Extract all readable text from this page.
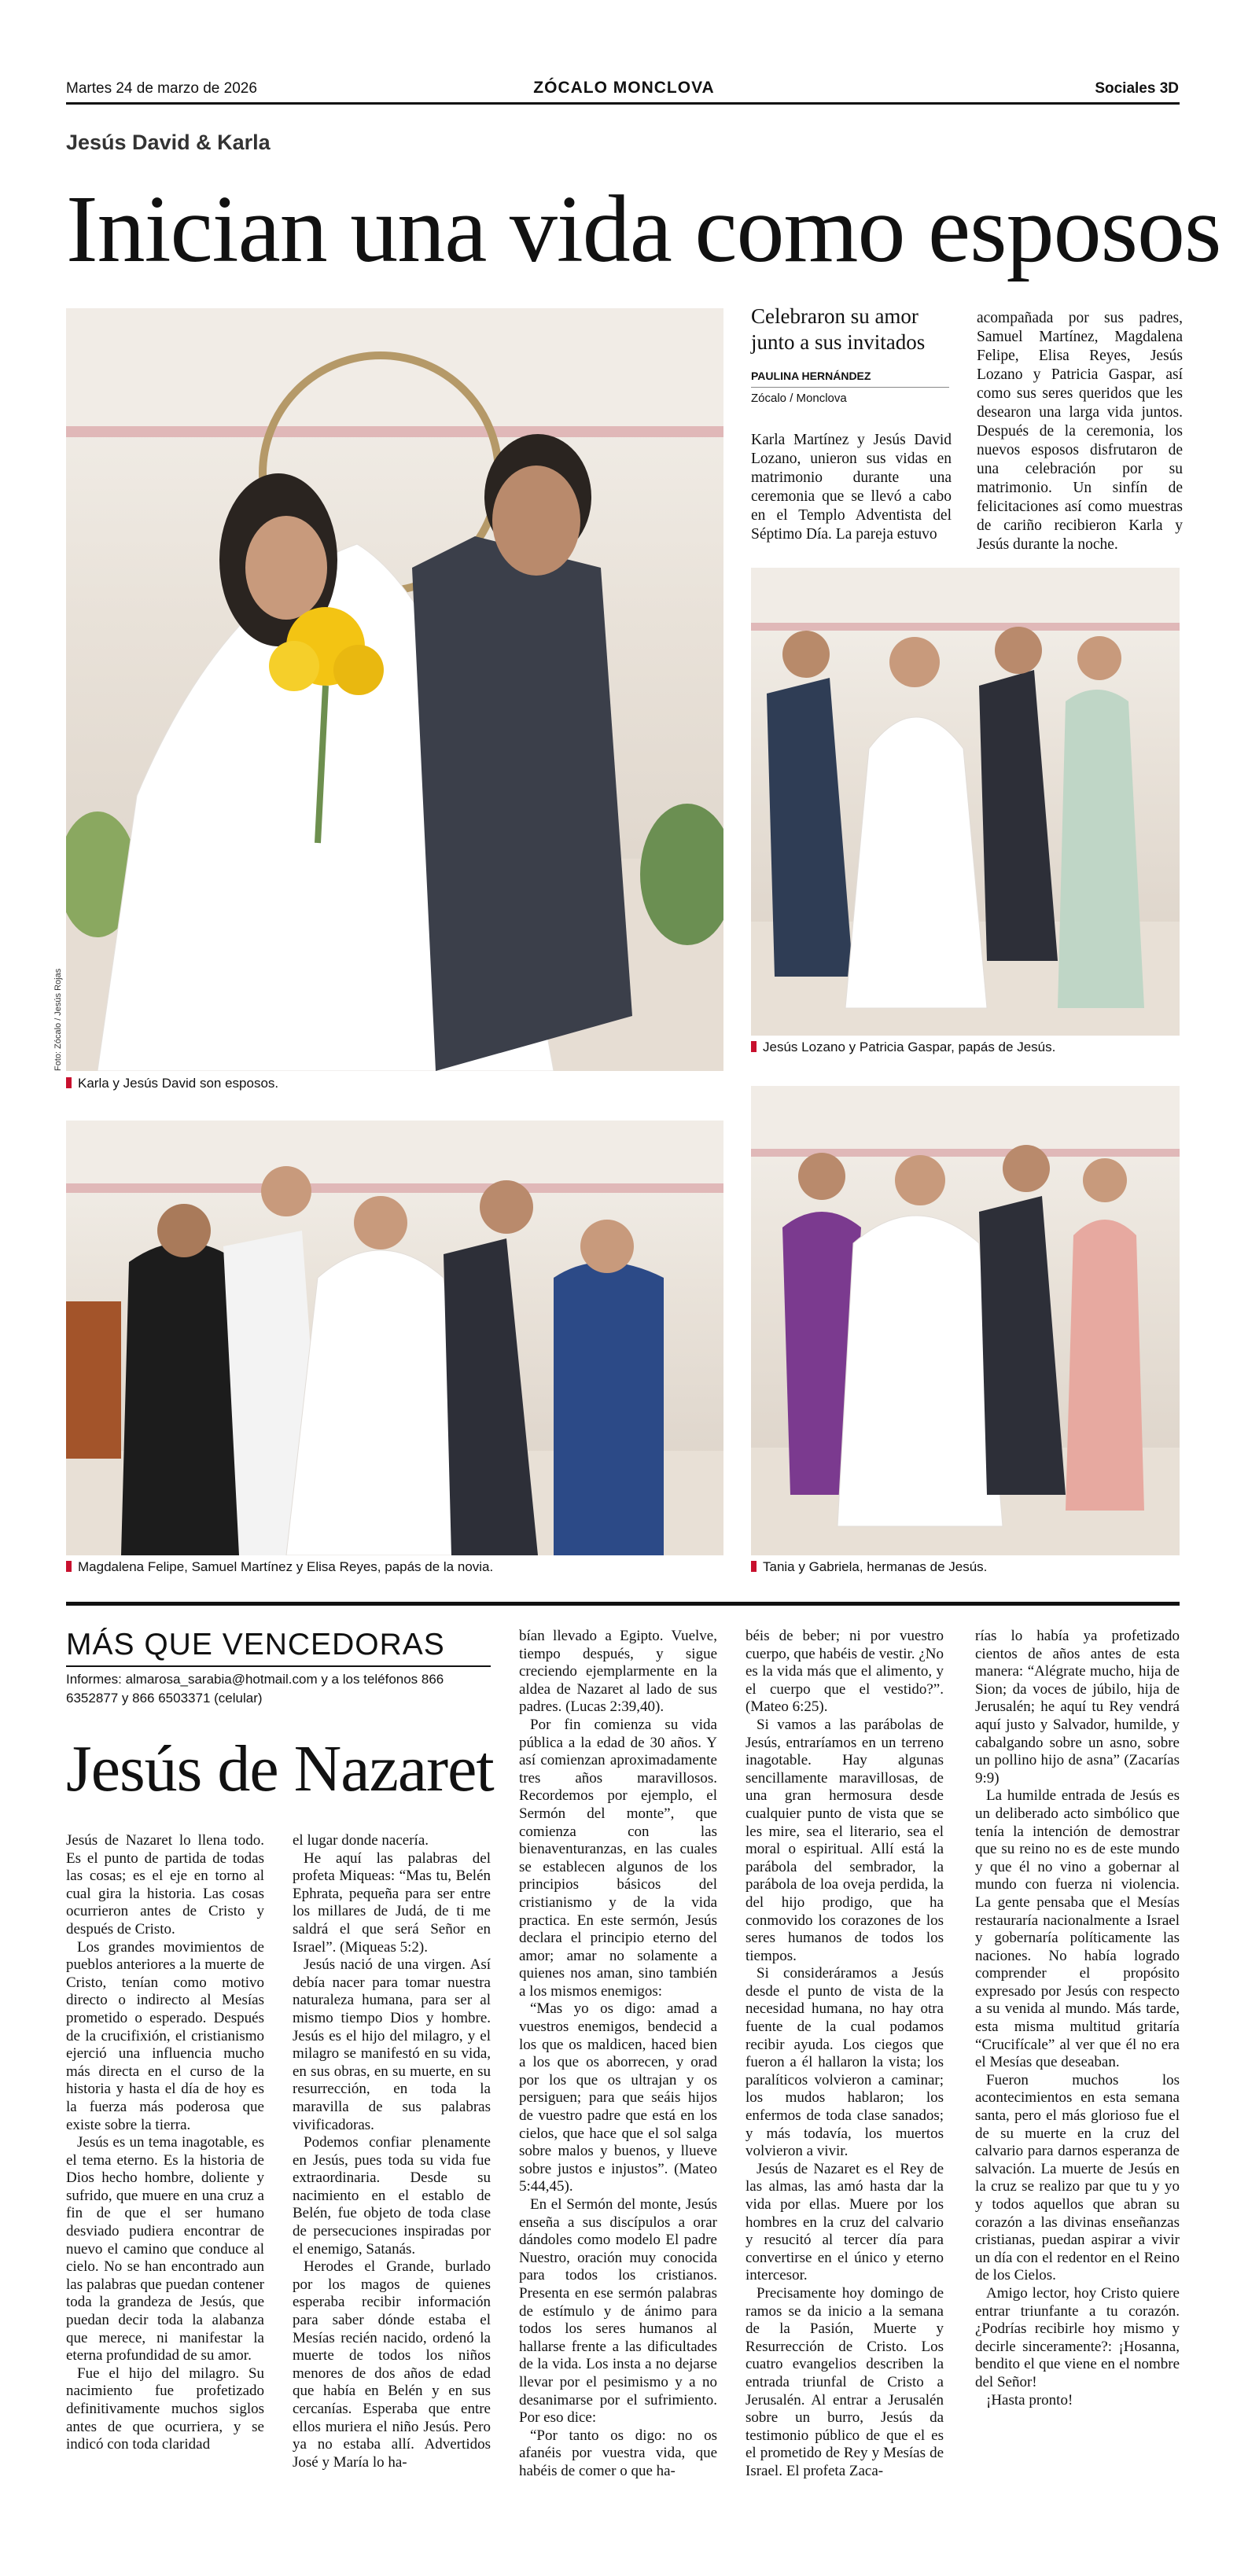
Martes 24 de marzo de 2026	ZÓCALO MONCLOVA	Sociales 3D
Jesús David & Karla
Inician una vida como esposos
Foto: Zócalo / Jesús Rojas
Karla y Jesús David son esposos.
Celebraron su amor junto a sus invitados
PAULINA HERNÁNDEZ
Zócalo / Monclova
Karla Martínez y Jesús David Lozano, unieron sus vidas en matrimonio durante una ceremonia que se llevó a cabo en el Templo Adventista del Séptimo Día. La pareja estuvo
acompañada por sus padres, Samuel Martínez, Magdalena Felipe, Elisa Reyes, Jesús Lozano y Patricia Gaspar, así como sus seres queridos que les desearon una larga vida juntos. Después de la ceremonia, los nuevos esposos disfrutaron de una celebración por su matrimonio. Un sinfín de felicitaciones así como muestras de cariño recibieron Karla y Jesús durante la noche.
Jesús Lozano y Patricia Gaspar, papás de Jesús.
Magdalena Felipe, Samuel Martínez y Elisa Reyes, papás de la novia.	Tania y Gabriela, hermanas de Jesús.
MÁS QUE VENCEDORAS
Informes: almarosa_sarabia@hotmail.com y a los teléfonos 866 6352877 y 866 6503371 (celular)
Jesús de Nazaret

Jesús de Nazaret lo llena todo. Es el punto de partida de todas las cosas; es el eje en torno al cual gira la historia. Las cosas ocurrieron antes de Cristo y después de Cristo.

Los grandes movimientos de pueblos anteriores a la muerte de Cristo, tenían como motivo directo o indirecto al Mesías prometido o esperado. Después de la crucifixión, el cristianismo ejerció una influencia mucho más directa en el curso de la historia y hasta el día de hoy es la fuerza más poderosa que existe sobre la tierra.

Jesús es un tema inagotable, es el tema eterno. Es la historia de Dios hecho hombre, doliente y sufrido, que muere en una cruz a fin de que el ser humano desviado pudiera encontrar de nuevo el camino que conduce al cielo. No se han encontrado aun las palabras que puedan contener toda la grandeza de Jesús, que puedan decir toda la alabanza que merece, ni manifestar la eterna profundidad de su amor.

Fue el hijo del milagro. Su nacimiento fue profetizado definitivamente muchos siglos antes de que ocurriera, y se indicó con toda claridad

el lugar donde nacería.

He aquí las palabras del profeta Miqueas: “Mas tu, Belén Ephrata, pequeña para ser entre los millares de Judá, de ti me saldrá el que será Señor en Israel”. (Miqueas 5:2).

Jesús nació de una virgen. Así debía nacer para tomar nuestra naturaleza humana, para ser al mismo tiempo Dios y hombre. Jesús es el hijo del milagro, y el milagro se manifestó en su vida, en sus obras, en su muerte, en su resurrección, en toda la maravilla de sus palabras vivificadoras.

Podemos confiar plenamente en Jesús, pues toda su vida fue extraordinaria. Desde su nacimiento en el establo de Belén, fue objeto de toda clase de persecuciones inspiradas por el enemigo, Satanás.

Herodes el Grande, burlado por los magos de quienes esperaba recibir información para saber dónde estaba el Mesías recién nacido, ordenó la muerte de todos los niños menores de dos años de edad que había en Belén y en sus cercanías. Esperaba que entre ellos muriera el niño Jesús. Pero ya no estaba allí. Advertidos José y María lo ha-

bían llevado a Egipto. Vuelve, tiempo después, y sigue creciendo ejemplarmente en la aldea de Nazaret al lado de sus padres. (Lucas 2:39,40).

Por fin comienza su vida pública a la edad de 30 años. Y así comienzan aproximadamente tres años maravillosos. Recordemos por ejemplo, el Sermón del monte”, que comienza con las bienaventuranzas, en las cuales se establecen algunos de los principios básicos del cristianismo y de la vida practica. En este sermón, Jesús declara el principio eterno del amor; amar no solamente a quienes nos aman, sino también a los mismos enemigos:

“Mas yo os digo: amad a vuestros enemigos, bendecid a los que os maldicen, haced bien a los que os aborrecen, y orad por los que os ultrajan y os persiguen; para que seáis hijos de vuestro padre que está en los cielos, que hace que el sol salga sobre malos y buenos, y llueve sobre justos e injustos”. (Mateo 5:44,45).

En el Sermón del monte, Jesús enseña a sus discípulos a orar dándoles como modelo El padre Nuestro, oración muy conocida para todos los cristianos. Presenta en ese sermón palabras de estímulo y de ánimo para todos los seres humanos al hallarse frente a las dificultades de la vida. Los insta a no dejarse llevar por el pesimismo y a no desanimarse por el sufrimiento. Por eso dice:

“Por tanto os digo: no os afanéis por vuestra vida, que habéis de comer o que ha-

béis de beber; ni por vuestro cuerpo, que habéis de vestir. ¿No es la vida más que el alimento, y el cuerpo que el vestido?”. (Mateo 6:25).

Si vamos a las parábolas de Jesús, entraríamos en un terreno inagotable. Hay algunas sencillamente maravillosas, de una gran hermosura desde cualquier punto de vista que se les mire, sea el literario, sea el moral o espiritual. Allí está la parábola del sembrador, la parábola de loa oveja perdida, la del hijo prodigo, que ha conmovido los corazones de los seres humanos de todos los tiempos.

Si consideráramos a Jesús desde el punto de vista de la necesidad humana, no hay otra fuente de la cual podamos recibir ayuda. Los ciegos que fueron a él hallaron la vista; los paralíticos volvieron a caminar; los mudos hablaron; los enfermos de toda clase sanados; y más todavía, los muertos volvieron a vivir.

Jesús de Nazaret es el Rey de las almas, las amó hasta dar la vida por ellas. Muere por los hombres en la cruz del calvario y resucitó al tercer día para convertirse en el único y eterno intercesor.

Precisamente hoy domingo de ramos se da inicio a la semana de la Pasión, Muerte y Resurrección de Cristo. Los cuatro evangelios describen la entrada triunfal de Cristo a Jerusalén. Al entrar a Jerusalén sobre un burro, Jesús da testimonio público de que el es el prometido de Rey y Mesías de Israel. El profeta Zaca-

rías lo había ya profetizado cientos de años antes de esta manera: “Alégrate mucho, hija de Sion; da voces de júbilo, hija de Jerusalén; he aquí tu Rey vendrá aquí justo y Salvador, humilde, y cabalgando sobre un asno, sobre un pollino hijo de asna” (Zacarías 9:9)

La humilde entrada de Jesús es un deliberado acto simbólico que tenía la intención de demostrar que su reino no es de este mundo y que él no vino a gobernar al mundo con fuerza ni violencia. La gente pensaba que el Mesías restauraría nacionalmente a Israel y gobernaría políticamente las naciones. No había logrado comprender el propósito expresado por Jesús con respecto a su venida al mundo. Más tarde, esta misma multitud gritaría “Crucifícale” al ver que él no era el Mesías que deseaban.

Fueron muchos los acontecimientos en esta semana santa, pero el más glorioso fue el de su muerte en la cruz del calvario para darnos esperanza de salvación. La muerte de Jesús en la cruz se realizo par que tu y yo y todos aquellos que abran su corazón a las divinas enseñanzas cristianas, puedan aspirar a vivir un día con el redentor en el Reino de los Cielos.

Amigo lector, hoy Cristo quiere entrar triunfante a tu corazón. ¿Podrías recibirle hoy mismo y decirle sinceramente?: ¡Hosanna, bendito el que viene en el nombre del Señor!

¡Hasta pronto!
